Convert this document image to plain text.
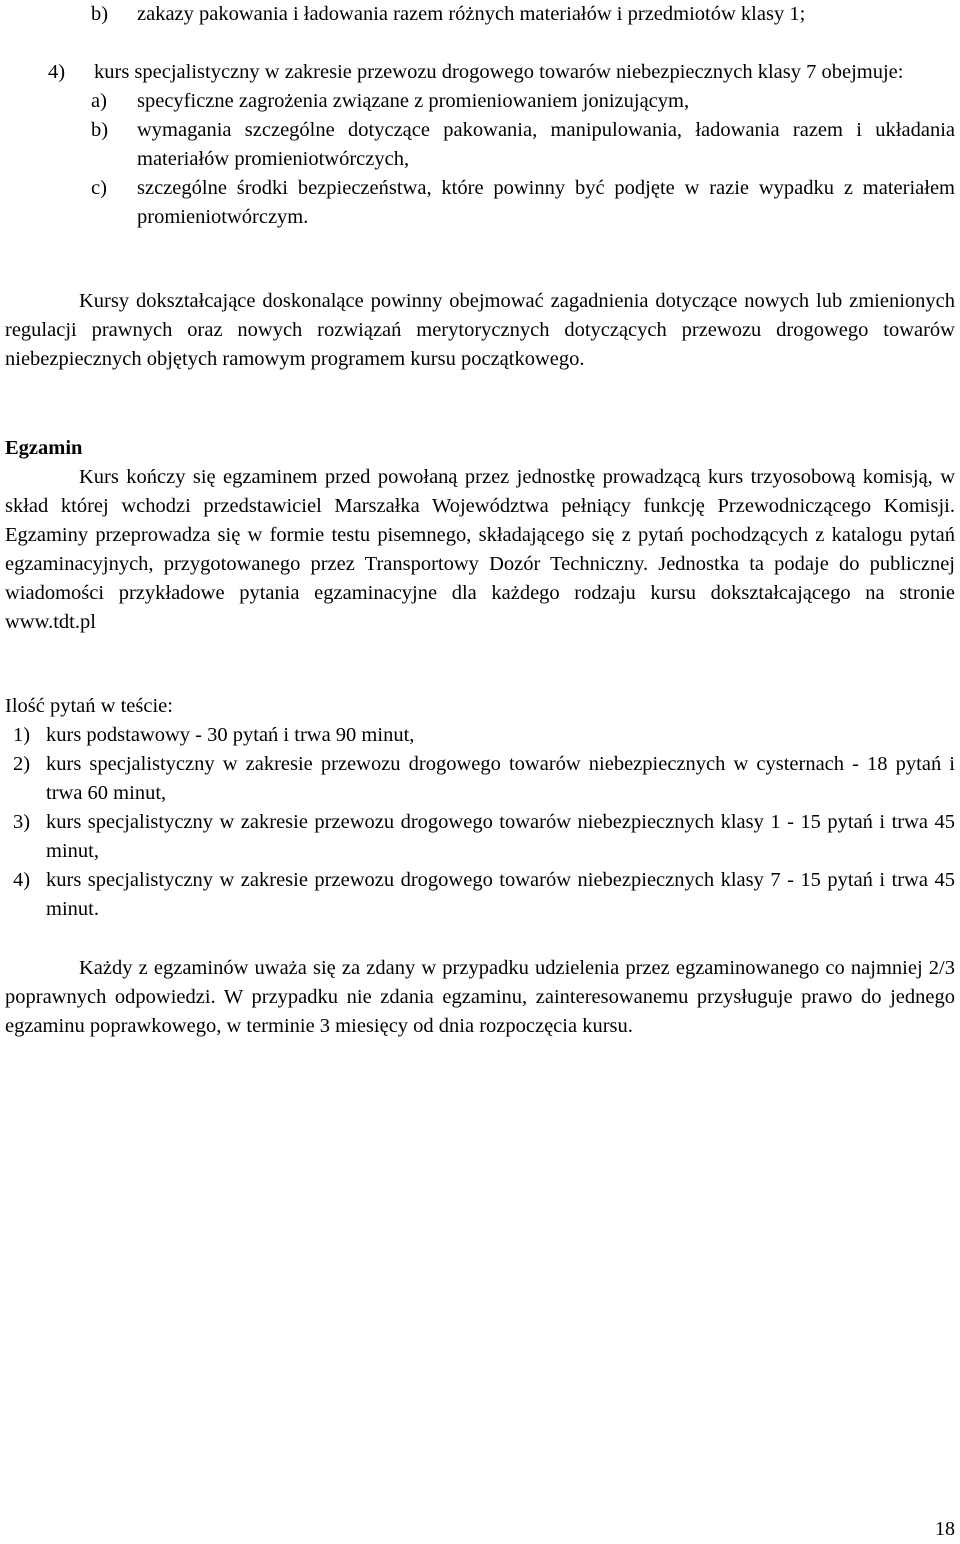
b)	zakazy pakowania i ładowania razem różnych materiałów i przedmiotów klasy 1;
4)	kurs specjalistyczny w zakresie przewozu drogowego towarów niebezpiecznych klasy 7 obejmuje:
a)	specyficzne zagrożenia związane z promieniowaniem jonizującym,
b)	wymagania szczególne dotyczące pakowania, manipulowania, ładowania razem i układania materiałów promieniotwórczych,
c)	szczególne środki bezpieczeństwa, które powinny być podjęte w razie wypadku z materiałem promieniotwórczym.
Kursy dokształcające doskonalące powinny obejmować zagadnienia dotyczące nowych lub zmienionych regulacji prawnych oraz nowych rozwiązań merytorycznych dotyczących przewozu drogowego towarów niebezpiecznych objętych ramowym programem kursu początkowego.
Egzamin
Kurs kończy się egzaminem przed powołaną przez jednostkę prowadzącą kurs trzyosobową komisją, w skład której wchodzi przedstawiciel Marszałka Województwa pełniący funkcję Przewodniczącego Komisji. Egzaminy przeprowadza się w formie testu pisemnego, składającego się z pytań pochodzących z katalogu pytań egzaminacyjnych, przygotowanego przez Transportowy Dozór Techniczny. Jednostka ta podaje do publicznej wiadomości przykładowe pytania egzaminacyjne dla każdego rodzaju kursu dokształcającego na stronie www.tdt.pl
Ilość pytań w teście:
1) kurs podstawowy - 30 pytań i trwa 90 minut,
2) kurs specjalistyczny w zakresie przewozu drogowego towarów niebezpiecznych w cysternach - 18 pytań i trwa 60 minut,
3) kurs specjalistyczny w zakresie przewozu drogowego towarów niebezpiecznych klasy 1 - 15 pytań i trwa 45 minut,
4) kurs specjalistyczny w zakresie przewozu drogowego towarów niebezpiecznych klasy 7 - 15 pytań i trwa 45 minut.
Każdy z egzaminów uważa się za zdany w przypadku udzielenia przez egzaminowanego co najmniej 2/3 poprawnych odpowiedzi. W przypadku nie zdania egzaminu, zainteresowanemu przysługuje prawo do jednego egzaminu poprawkowego, w terminie 3 miesięcy od dnia rozpoczęcia kursu.
18
